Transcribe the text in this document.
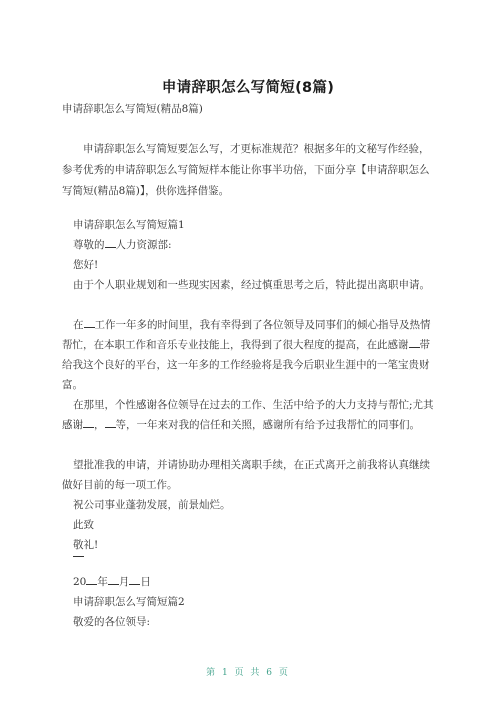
申请辞职怎么写简短(8篇)
申请辞职怎么写简短(精品8篇)
申请辞职怎么写简短要怎么写，才更标准规范？根据多年的文秘写作经验，参考优秀的申请辞职怎么写简短样本能让你事半功倍，下面分享【申请辞职怎么写简短(精品8篇)】，供你选择借鉴。
申请辞职怎么写简短篇1
尊敬的 人力资源部:
您好!
由于个人职业规划和一些现实因素，经过慎重思考之后，特此提出离职申请。
在 工作一年多的时间里，我有幸得到了各位领导及同事们的倾心指导及热情帮忙，在本职工作和音乐专业技能上，我得到了很大程度的提高，在此感谢 带给我这个良好的平台，这一年多的工作经验将是我今后职业生涯中的一笔宝贵财富。
在那里，个性感谢各位领导在过去的工作、生活中给予的大力支持与帮忙;尤其感谢 ， 等，一年来对我的信任和关照，感谢所有给予过我帮忙的同事们。
望批准我的申请，并请协助办理相关离职手续，在正式离开之前我将认真继续做好目前的每一项工作。
祝公司事业蓬勃发展，前景灿烂。
此致
敬礼!
20 年 月 日
申请辞职怎么写简短篇2
敬爱的各位领导:
第 1 页 共 6 页
